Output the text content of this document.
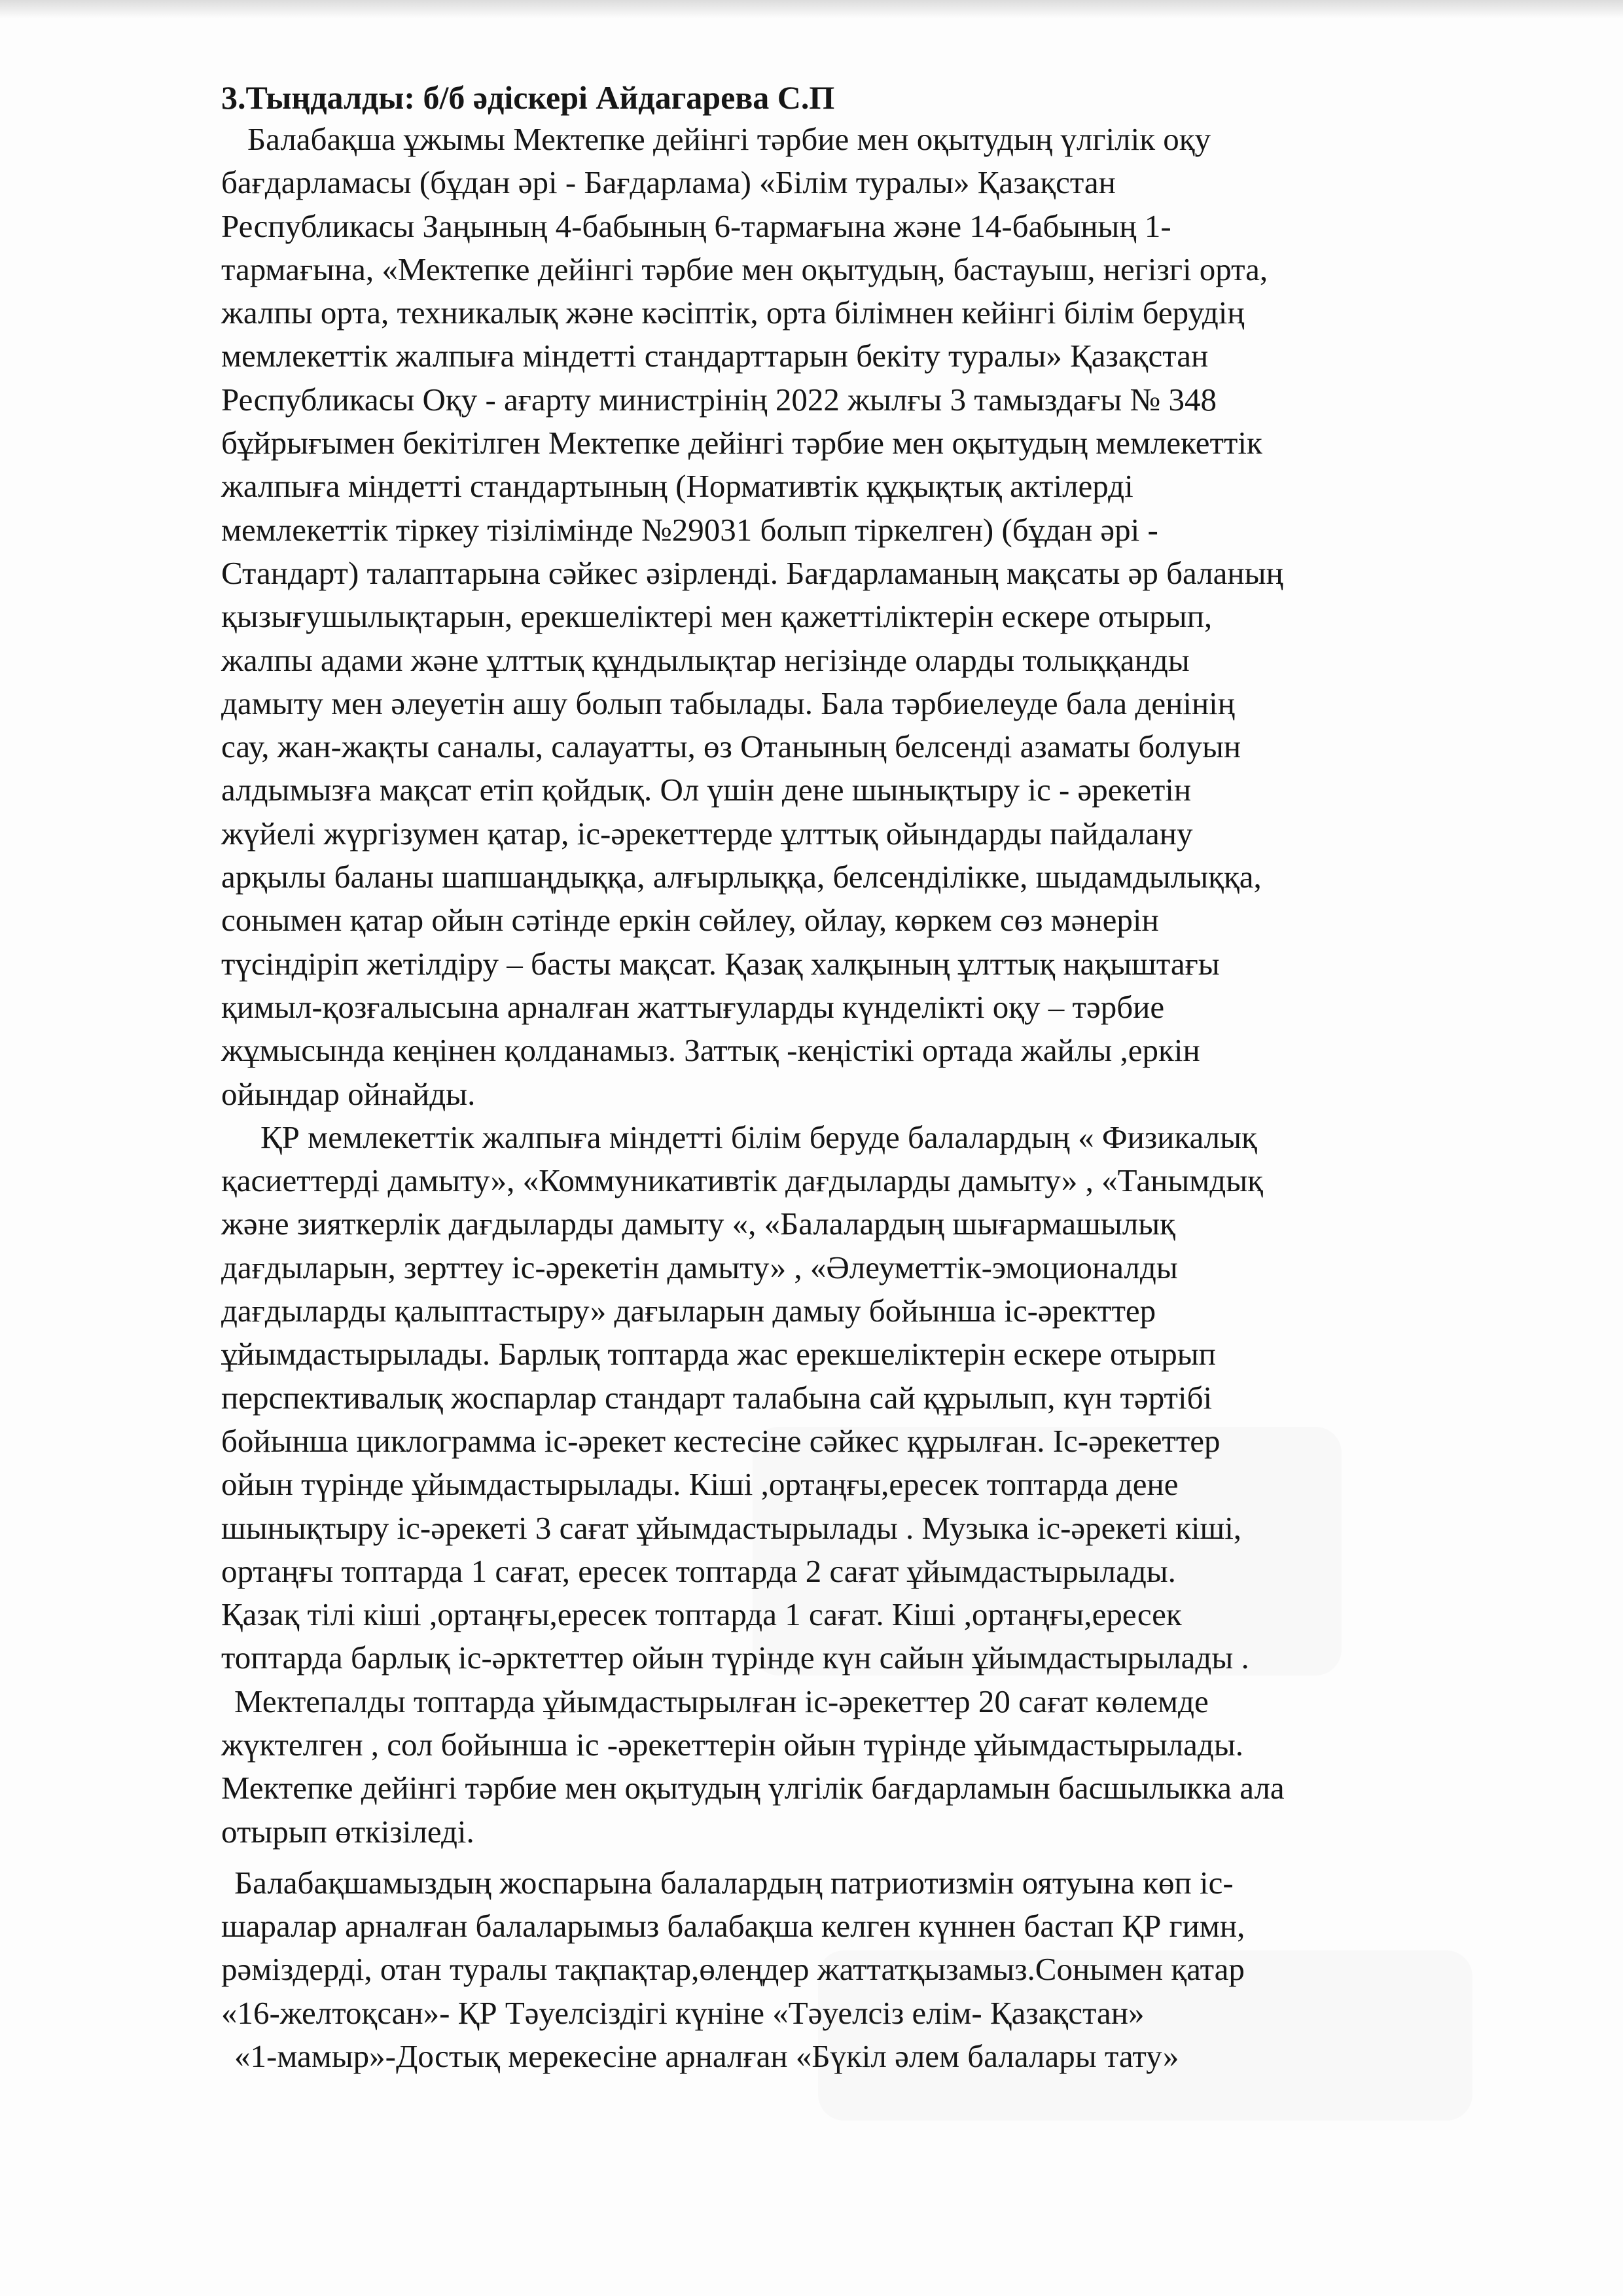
3.Тыңдалды: б/б әдіскері Айдагарева С.П

Балабақша ұжымы Мектепке дейінгі тәрбие мен оқытудың үлгілік оқу

бағдарламасы (бұдан әрі - Бағдарлама) «Білім туралы» Қазақстан

Республикасы Заңының 4-бабының 6-тармағына және 14-бабының 1-

тармағына, «Мектепке дейінгі тәрбие мен оқытудың, бастауыш, негізгі орта,

жалпы орта, техникалық және кәсіптік, орта білімнен кейінгі білім берудің

мемлекеттік жалпыға міндетті стандарттарын бекіту туралы» Қазақстан

Республикасы Оқу - ағарту министрінің 2022 жылғы 3 тамыздағы № 348

бұйрығымен бекітілген Мектепке дейінгі тәрбие мен оқытудың мемлекеттік

жалпыға міндетті стандартының (Нормативтік құқықтық актілерді

мемлекеттік тіркеу тізілімінде №29031 болып тіркелген) (бұдан әрі -

Стандарт) талаптарына сәйкес әзірленді. Бағдарламаның мақсаты әр баланың

қызығушылықтарын, ерекшеліктері мен қажеттіліктерін ескере отырып,

жалпы адами және ұлттық құндылықтар негізінде оларды толыққанды

дамыту мен әлеуетін ашу болып табылады. Бала тәрбиелеуде бала денінің

сау, жан-жақты саналы, салауатты, өз Отанының белсенді азаматы болуын

алдымызға мақсат етіп қойдық. Ол үшін дене шынықтыру іс - әрекетін

жүйелі жүргізумен қатар, іс-әрекеттерде ұлттық ойындарды пайдалану

арқылы баланы шапшаңдыққа, алғырлыққа, белсенділікке, шыдамдылыққа,

сонымен қатар ойын сәтінде еркін сөйлеу, ойлау, көркем сөз мәнерін

түсіндіріп жетілдіру – басты мақсат. Қазақ халқының ұлттық нақыштағы

қимыл-қозғалысына арналған жаттығуларды күнделікті оқу – тәрбие

жұмысында кеңінен қолданамыз. Заттық -кеңістікі ортада жайлы ,еркін

ойындар ойнайды.

ҚР мемлекеттік жалпыға міндетті білім беруде балалардың « Физикалық

қасиеттерді дамыту», «Коммуникативтік дағдыларды дамыту» , «Танымдық

және зияткерлік дағдыларды дамыту «, «Балалардың шығармашылық

дағдыларын, зерттеу іс-әрекетін дамыту» , «Әлеуметтік-эмоционалды

дағдыларды қалыптастыру» дағыларын дамыу бойынша іс-әректтер

ұйымдастырылады. Барлық топтарда жас ерекшеліктерін ескере отырып

перспективалық жоспарлар стандарт талабына сай құрылып, күн тәртібі

бойынша циклограмма іс-әрекет кестесіне сәйкес құрылған. Іс-әрекеттер

ойын түрінде ұйымдастырылады. Кіші ,ортаңғы,ересек топтарда дене

шынықтыру іс-әрекеті 3 сағат ұйымдастырылады . Музыка іс-әрекеті кіші,

ортаңғы топтарда 1 сағат, ересек топтарда 2 сағат ұйымдастырылады.

Қазақ тілі кіші ,ортаңғы,ересек топтарда 1 сағат. Кіші ,ортаңғы,ересек

топтарда барлық іс-әрктеттер ойын түрінде күн сайын ұйымдастырылады .

Мектепалды топтарда ұйымдастырылған іс-әрекеттер 20 сағат көлемде

жүктелген , сол бойынша іс -әрекеттерін ойын түрінде ұйымдастырылады.

Мектепке дейінгі тәрбие мен оқытудың үлгілік бағдарламын басшылыкка ала

отырып өткізіледі.

Балабақшамыздың жоспарына балалардың патриотизмін оятуына көп іс-

шаралар арналған балаларымыз балабақша келген күннен бастап ҚР гимн,

рәміздерді, отан туралы тақпақтар,өлеңдер жаттатқызамыз.Сонымен қатар

«16-желтоқсан»- ҚР Тәуелсіздігі күніне «Тәуелсіз елім- Қазақстан»

«1-мамыр»-Достық мерекесіне арналған «Бүкіл әлем балалары тату»
